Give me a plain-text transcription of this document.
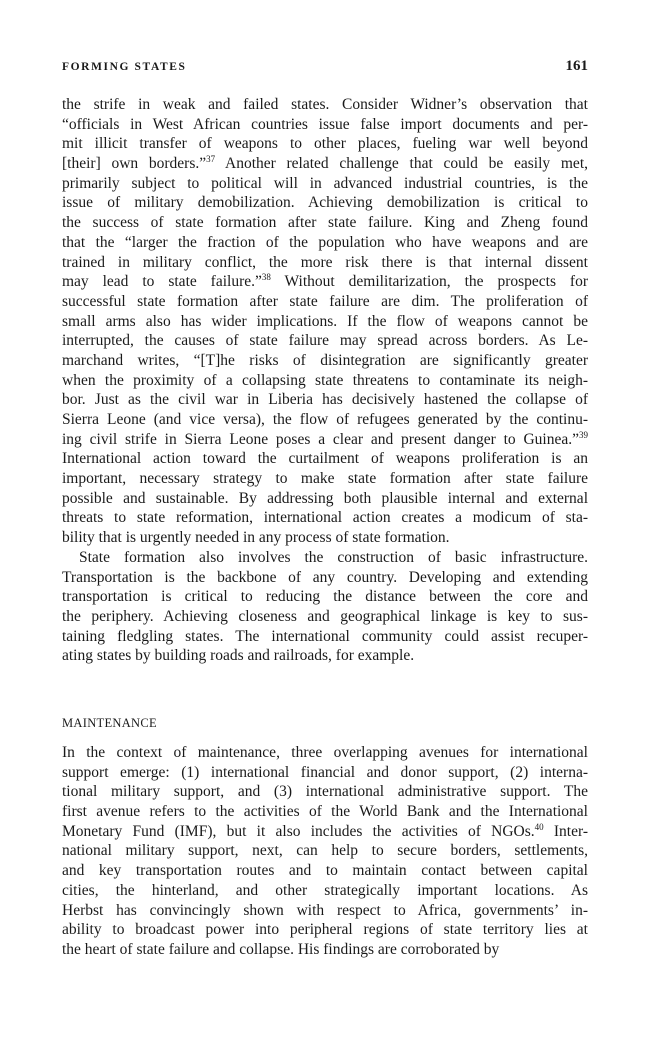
FORMING STATES	161
the strife in weak and failed states. Consider Widner’s observation that
“officials in West African countries issue false import documents and per-
mit illicit transfer of weapons to other places, fueling war well beyond
[their] own borders.”$^{37}$ Another related challenge that could be easily met,
primarily subject to political will in advanced industrial countries, is the
issue of military demobilization. Achieving demobilization is critical to
the success of state formation after state failure. King and Zheng found
that the “larger the fraction of the population who have weapons and are
trained in military conflict, the more risk there is that internal dissent
may lead to state failure.”$^{38}$ Without demilitarization, the prospects for
successful state formation after state failure are dim. The proliferation of
small arms also has wider implications. If the flow of weapons cannot be
interrupted, the causes of state failure may spread across borders. As Le-
marchand writes, “[T]he risks of disintegration are significantly greater
when the proximity of a collapsing state threatens to contaminate its neigh-
bor. Just as the civil war in Liberia has decisively hastened the collapse of
Sierra Leone (and vice versa), the flow of refugees generated by the continu-
ing civil strife in Sierra Leone poses a clear and present danger to Guinea.”$^{39}$
International action toward the curtailment of weapons proliferation is an
important, necessary strategy to make state formation after state failure
possible and sustainable. By addressing both plausible internal and external
threats to state reformation, international action creates a modicum of sta-
bility that is urgently needed in any process of state formation.
State formation also involves the construction of basic infrastructure.
Transportation is the backbone of any country. Developing and extending
transportation is critical to reducing the distance between the core and
the periphery. Achieving closeness and geographical linkage is key to sus-
taining fledgling states. The international community could assist recuper-
ating states by building roads and railroads, for example.
MAINTENANCE
In the context of maintenance, three overlapping avenues for international
support emerge: (1) international financial and donor support, (2) interna-
tional military support, and (3) international administrative support. The
first avenue refers to the activities of the World Bank and the International
Monetary Fund (IMF), but it also includes the activities of NGOs.$^{40}$ Inter-
national military support, next, can help to secure borders, settlements,
and key transportation routes and to maintain contact between capital
cities, the hinterland, and other strategically important locations. As
Herbst has convincingly shown with respect to Africa, governments’ in-
ability to broadcast power into peripheral regions of state territory lies at
the heart of state failure and collapse. His findings are corroborated by
